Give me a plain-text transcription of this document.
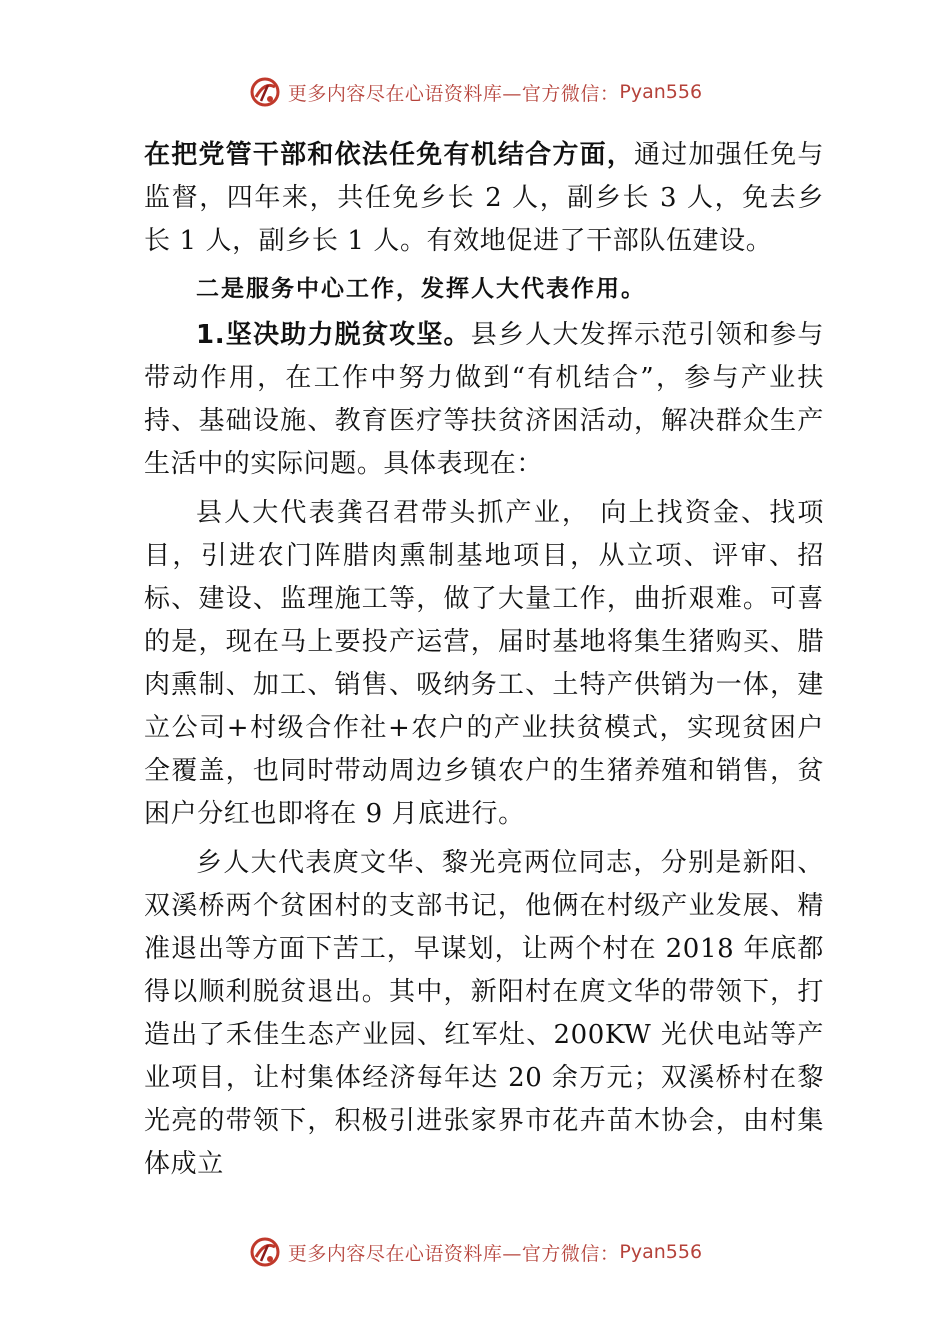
更多内容尽在心语资料库—官方微信： Pyan556

在把党管干部和依法任免有机结合方面，通过加强任免与监督，四年来，共任免乡长 2 人，副乡长 3 人，免去乡长 1 人，副乡长 1 人。有效地促进了干部队伍建设。

二是服务中心工作，发挥人大代表作用。

1.坚决助力脱贫攻坚。县乡人大发挥示范引领和参与带动作用，在工作中努力做到“有机结合”，参与产业扶持、基础设施、教育医疗等扶贫济困活动，解决群众生产生活中的实际问题。具体表现在：

县人大代表龚召君带头抓产业， 向上找资金、找项目，引进农门阵腊肉熏制基地项目，从立项、评审、招标、建设、监理施工等，做了大量工作，曲折艰难。可喜的是，现在马上要投产运营，届时基地将集生猪购买、腊肉熏制、加工、销售、吸纳务工、土特产供销为一体，建立公司+村级合作社+农户的产业扶贫模式，实现贫困户全覆盖，也同时带动周边乡镇农户的生猪养殖和销售，贫困户分红也即将在 9 月底进行。

乡人大代表庹文华、黎光亮两位同志，分别是新阳、双溪桥两个贫困村的支部书记，他俩在村级产业发展、精准退出等方面下苦工，早谋划，让两个村在 2018 年底都得以顺利脱贫退出。其中，新阳村在庹文华的带领下，打造出了禾佳生态产业园、红军灶、200KW 光伏电站等产业项目，让村集体经济每年达 20 余万元；双溪桥村在黎光亮的带领下，积极引进张家界市花卉苗木协会，由村集体成立

更多内容尽在心语资料库—官方微信： Pyan556
